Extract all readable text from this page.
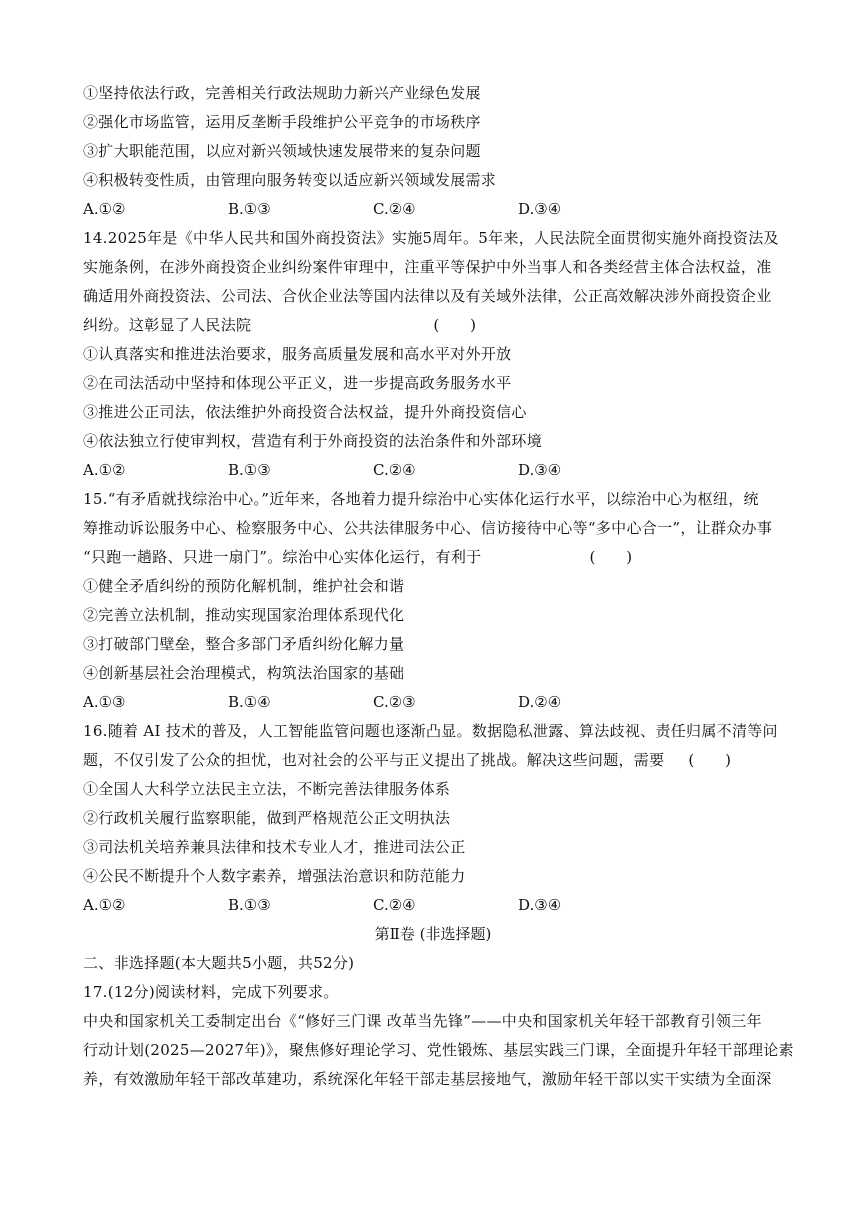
①坚持依法行政，完善相关行政法规助力新兴产业绿色发展
②强化市场监管，运用反垄断手段维护公平竞争的市场秩序
③扩大职能范围，以应对新兴领域快速发展带来的复杂问题
④积极转变性质，由管理向服务转变以适应新兴领域发展需求
A.①②	B.①③	C.②④	D.③④
14.2025年是《中华人民共和国外商投资法》实施5周年。5年来，人民法院全面贯彻实施外商投资法及
实施条例，在涉外商投资企业纠纷案件审理中，注重平等保护中外当事人和各类经营主体合法权益，准
确适用外商投资法、公司法、合伙企业法等国内法律以及有关域外法律，公正高效解决涉外商投资企业
纠纷。这彰显了人民法院	(　　)
①认真落实和推进法治要求，服务高质量发展和高水平对外开放
②在司法活动中坚持和体现公平正义，进一步提高政务服务水平
③推进公正司法，依法维护外商投资合法权益，提升外商投资信心
④依法独立行使审判权，营造有利于外商投资的法治条件和外部环境
A.①②	B.①③	C.②④	D.③④
15.“有矛盾就找综治中心。”近年来，各地着力提升综治中心实体化运行水平，以综治中心为枢纽，统
筹推动诉讼服务中心、检察服务中心、公共法律服务中心、信访接待中心等“多中心合一”，让群众办事
“只跑一趟路、只进一扇门”。综治中心实体化运行，有利于	(　　)
①健全矛盾纠纷的预防化解机制，维护社会和谐
②完善立法机制，推动实现国家治理体系现代化
③打破部门壁垒，整合多部门矛盾纠纷化解力量
④创新基层社会治理模式，构筑法治国家的基础
A.①③	B.①④	C.②③	D.②④
16.随着 AI 技术的普及，人工智能监管问题也逐渐凸显。数据隐私泄露、算法歧视、责任归属不清等问
题，不仅引发了公众的担忧，也对社会的公平与正义提出了挑战。解决这些问题，需要 (　　)
①全国人大科学立法民主立法，不断完善法律服务体系
②行政机关履行监察职能，做到严格规范公正文明执法
③司法机关培养兼具法律和技术专业人才，推进司法公正
④公民不断提升个人数字素养，增强法治意识和防范能力
A.①②	B.①③	C.②④	D.③④
第Ⅱ卷 (非选择题)
二、非选择题(本大题共5小题，共52分)
17.(12分)阅读材料，完成下列要求。
中央和国家机关工委制定出台《“修好三门课 改革当先锋”——中央和国家机关年轻干部教育引领三年
行动计划(2025—2027年)》，聚焦修好理论学习、党性锻炼、基层实践三门课，全面提升年轻干部理论素
养，有效激励年轻干部改革建功，系统深化年轻干部走基层接地气，激励年轻干部以实干实绩为全面深
